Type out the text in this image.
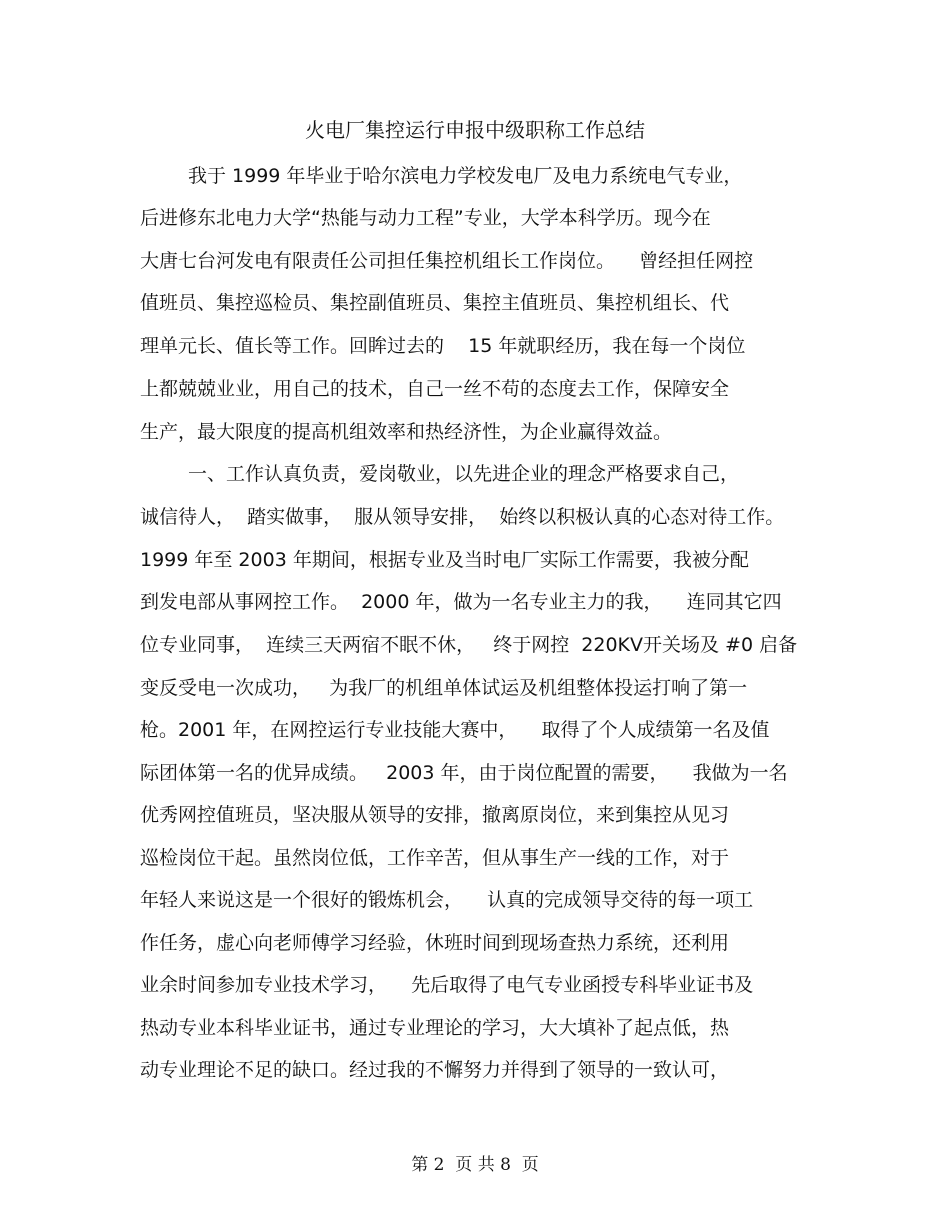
火电厂集控运行申报中级职称工作总结

我于 1999 年毕业于哈尔滨电力学校发电厂及电力系统电气专业，

后进修东北电力大学“热能与动力工程”专业，大学本科学历。现今在

大唐七台河发电有限责任公司担任集控机组长工作岗位。    曾经担任网控

值班员、集控巡检员、集控副值班员、集控主值班员、集控机组长、代

理单元长、值长等工作。回眸过去的    15 年就职经历，我在每一个岗位

上都兢兢业业，用自己的技术，自己一丝不苟的态度去工作，保障安全

生产，最大限度的提高机组效率和热经济性，为企业赢得效益。

一、工作认真负责，爱岗敬业，以先进企业的理念严格要求自己，

诚信待人，  踏实做事，  服从领导安排，  始终以积极认真的心态对待工作。

1999 年至 2003 年期间，根据专业及当时电厂实际工作需要，我被分配

到发电部从事网控工作。  2000 年，做为一名专业主力的我，    连同其它四

位专业同事，  连续三天两宿不眠不休，   终于网控  220KV开关场及 #0 启备

变反受电一次成功，   为我厂的机组单体试运及机组整体投运打响了第一

枪。2001 年，在网控运行专业技能大赛中，    取得了个人成绩第一名及值

际团体第一名的优异成绩。   2003 年，由于岗位配置的需要，    我做为一名

优秀网控值班员，坚决服从领导的安排，撤离原岗位，来到集控从见习

巡检岗位干起。虽然岗位低，工作辛苦，但从事生产一线的工作，对于

年轻人来说这是一个很好的锻炼机会，    认真的完成领导交待的每一项工

作任务，虚心向老师傅学习经验，休班时间到现场查热力系统，还利用

业余时间参加专业技术学习，    先后取得了电气专业函授专科毕业证书及

热动专业本科毕业证书，通过专业理论的学习，大大填补了起点低，热

动专业理论不足的缺口。经过我的不懈努力并得到了领导的一致认可，

第 2  页 共 8  页
